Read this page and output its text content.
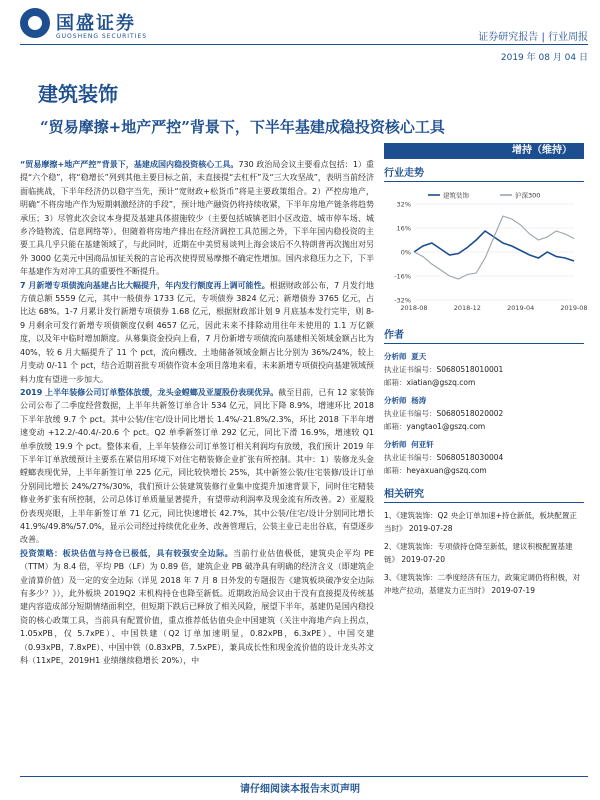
国盛证券
GUOSHENG SECURITIES	证券研究报告 | 行业周报
2019 年 08 月 04 日
建筑装饰
“贸易摩擦+地产严控”背景下，下半年基建成稳投资核心工具
增持（维持）

“贸易摩擦+地产严控”背景下，基建成国内稳投资核心工具。730 政治局会议主要看点包括：1）重提“六个稳”，将“稳增长”列到其他主要目标之前，未直接提“去杠杆”及“三大攻坚战”，表明当前经济面临挑战，下半年经济仍以稳字当先，预计“宽财政+松货币”将是主要政策组合。2）严控房地产，明确“不将房地产作为短期刺激经济的手段”，预计地产融资仍将持续收紧，下半年房地产链条将趋势承压；3）尽管此次会议本身提及基建具体措施较少（主要包括城镇老旧小区改造、城市停车场、城乡冷链物流、信息网络等），但随着将房地产排出在经济调控工具范围之外，下半年国内稳投资的主要工具几乎只能在基建领域了，与此同时，近期在中美贸易谈判上海会谈后不久特朗普再次抛出对另外 3000 亿美元中国商品加征关税的言论再次使得贸易摩擦不确定性增加。国内求稳压力之下，下半年基建作为对冲工具的重要性不断提升。

7 月新增专项债流向基建占比大幅提升，年内发行额度再上调可能性。根据财政部公布，7 月发行地方债总额 5559 亿元，其中一般债券 1733 亿元，专项债券 3824 亿元；新增债券 3765 亿元，占比达 68%。1-7 月累计发行新增专项债券 1.68 亿元，根据财政部计划 9 月底基本发行完毕，则 8-9 月剩余可发行新增专项债额度仅剩 4657 亿元，因此未来不排除动用往年未使用的 1.1 万亿额度，以及年中临时增加额度。从募集资金投向上看，7 月份新增专项债流向基建相关领域金额占比为 40%，较 6 月大幅提升了 11 个 pct，流向棚改、土地储备领域金额占比分别为 36%/24%，较上月变动 0/-11 个 pct，结合近期首批专项债作资本金项目落地来看，未来新增专项债投向基建领域预料力度有望进一步加大。

2019 上半年装修公司订单整体放缓，龙头金螳螂及亚厦股份表现优异。截至目前，已有 12 家装饰公司公布了二季度经营数据，上半年共新签订单合计 534 亿元，同比下降 8.9%，增速环比 2018 下半年放缓 9.7 个 pct。其中公装/住宅/设计同比增长 1.4%/-21.8%/2.3%，环比 2018 下半年增速变动 +12.2/-40.4/-20.6 个 pct。Q2 单季新签订单 292 亿元，同比下滑 16.9%，增速较 Q1 单季放缓 19.9 个 pct。整体来看，上半年装修公司订单签订相关利润均有放缓，我们预计 2019 年下半年订单放缓预计主要系在紧信用环境下对住宅精装修企业扩张有所控制。其中：1）装修龙头金螳螂表现优异，上半年新签订单 225 亿元，同比较快增长 25%，其中新签公装/住宅装修/设计订单分别同比增长 24%/27%/30%，我们预计公装建筑装修行业集中度提升加速背景下，同时住宅精装修业务扩张有所控制，公司总体订单质量显著提升，有望带动利润率及现金流有所改善。2）亚厦股份表现亮眼，上半年新签订单 71 亿元，同比快速增长 42.7%，其中公装/住宅/设计分别同比增长 41.9%/49.8%/57.0%，显示公司经过持续优化业务、改善管理后，公装主业已走出谷底，有望逐步改善。

投资策略：板块估值与持仓已极低，具有较强安全边际。当前行业估值极低，建筑央企平均 PE（TTM）为 8.4 倍，平均 PB（LF）为 0.89 倍，建筑企业 PB 破净具有明确的经济含义（即建筑企业清算价值）及一定的安全边际（详见 2018 年 7 月 8 日外发的专题报告《建筑板块破净安全边际有多少？》），此外板块 2019Q2 末机构持仓也降至新低。近期政治局会议由于没有直接提及传统基建内容造成部分短期情绪面利空，但短期下跌后已释放了相关风险，展望下半年，基建仍是国内稳投资的核心政策工具，当前具有配置价值，重点推荐低估值央企中国建筑（关注中海地产向上拐点，1.05xPB，仅 5.7xPE）、中国铁建（Q2 订单加速明显，0.82xPB，6.3xPE）、中国交建（0.93xPB，7.8xPE）、中国中铁（0.83xPB，7.5xPE），兼具成长性和现金流价值的设计龙头苏文科（11xPE，2019H1 业绩继续稳增长 20%），中

行业走势
32%
16%
0%
-16%
-32%
2018-08	2018-12	2019-04	2019-08
建筑装饰	沪深300
作者
分析师 夏天
执业证书编号：S0680518010001
邮箱：xiatian@gszq.com
分析师 杨涛
执业证书编号：S0680518020002
邮箱：yangtao1@gszq.com
分析师 何亚轩
执业证书编号：S0680518030004
邮箱：heyaxuan@gszq.com
相关研究

1、《建筑装饰：Q2 央企订单加速+持仓新低，板块配置正当时》 2019-07-28

2、《建筑装饰：专项债持仓降至新低，建议积极配置基建链》 2019-07-20

3、《建筑装饰：二季度经济有压力，政策定调仍将积极，对冲地产拉动，基建发力正当时》 2019-07-19

请仔细阅读本报告末页声明
